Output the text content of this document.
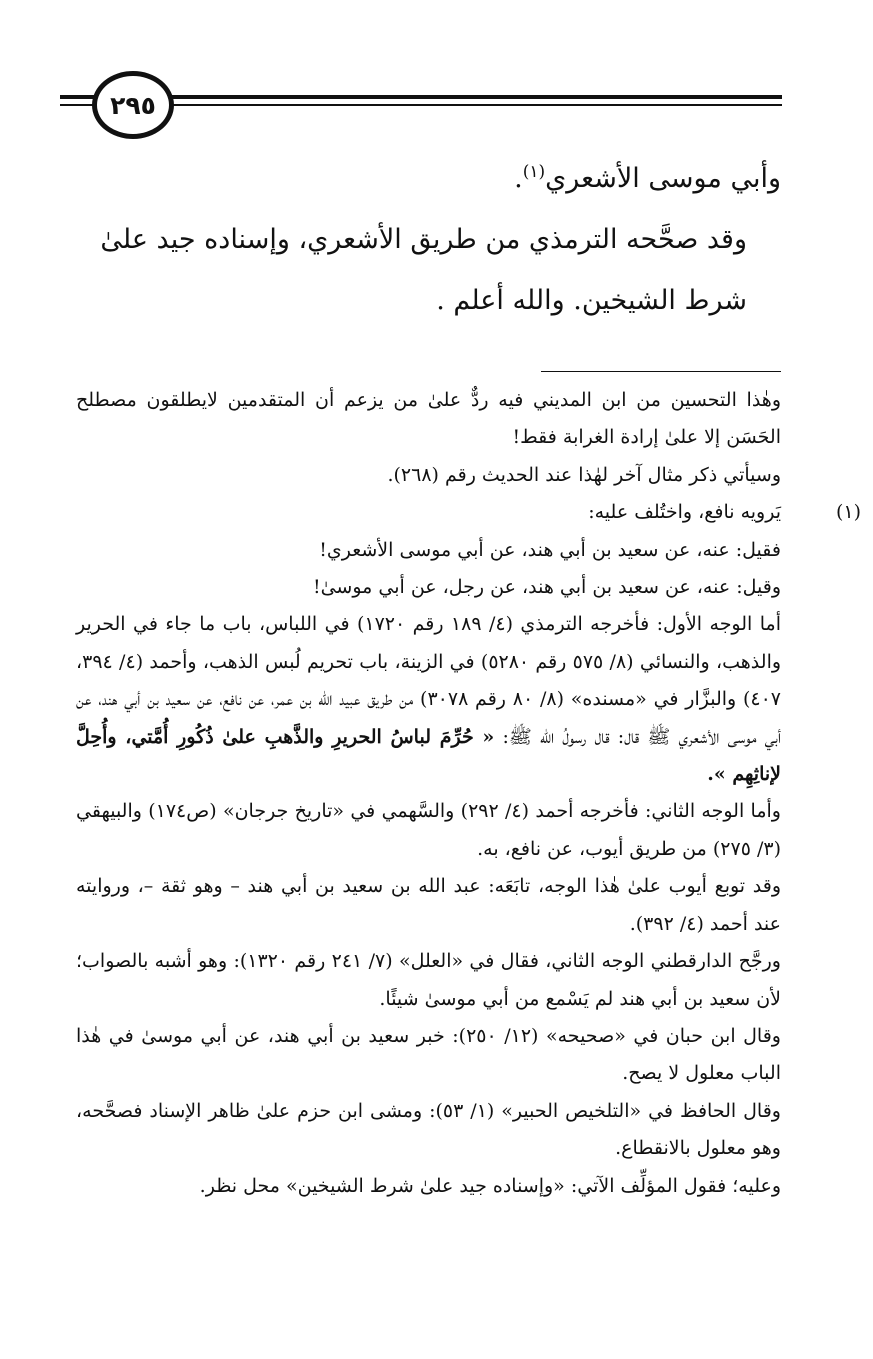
٢٩٥

وأبي موسى الأشعري$^{(١)}$.

وقد صحَّحه الترمذي من طريق الأشعري، وإسناده جيد علىٰ شرط الشيخين. والله أعلم .

وهٰذا التحسين من ابن المديني فيه ردٌّ علىٰ من يزعم أن المتقدمين لايطلقون مصطلح الحَسَن إلا علىٰ إرادة الغرابة فقط!

وسيأتي ذكر مثال آخر لهٰذا عند الحديث رقم (٢٦٨).

(١)
يَرويه نافع، واختُلف عليه:

فقيل: عنه، عن سعيد بن أبي هند، عن أبي موسى الأشعري!

وقيل: عنه، عن سعيد بن أبي هند، عن رجل، عن أبي موسىٰ!

أما الوجه الأول: فأخرجه الترمذي (٤/ ١٨٩ رقم ١٧٢٠) في اللباس، باب ما جاء في الحرير والذهب، والنسائي (٨/ ٥٧٥ رقم ٥٢٨٠) في الزينة، باب تحريم لُبس الذهب، وأحمد (٤/ ٣٩٤، ٤٠٧) والبزَّار في «مسنده» (٨/ ٨٠ رقم ٣٠٧٨) من طريق عبيد الله بن عمر، عن نافع، عن سعيد بن أبي هند، عن أبي موسى الأشعري ﷺ قال: قال رسولُ الله ﷺ: « حُرِّمَ لباسُ الحريرِ والذَّهبِ علىٰ ذُكُورِ أُمَّتي، وأُحِلَّ لإناثِهِم ».

وأما الوجه الثاني: فأخرجه أحمد (٤/ ٢٩٢) والسَّهمي في «تاريخ جرجان» (ص١٧٤) والبيهقي (٣/ ٢٧٥) من طريق أيوب، عن نافع، به.

وقد توبع أيوب علىٰ هٰذا الوجه، تابَعَه: عبد الله بن سعيد بن أبي هند – وهو ثقة –، وروايته عند أحمد (٤/ ٣٩٢).

ورجَّح الدارقطني الوجه الثاني، فقال في «العلل» (٧/ ٢٤١ رقم ١٣٢٠): وهو أشبه بالصواب؛ لأن سعيد بن أبي هند لم يَسْمع من أبي موسىٰ شيئًا.

وقال ابن حبان في «صحيحه» (١٢/ ٢٥٠): خبر سعيد بن أبي هند، عن أبي موسىٰ في هٰذا الباب معلول لا يصح.

وقال الحافظ في «التلخيص الحبير» (١/ ٥٣): ومشى ابن حزم علىٰ ظاهر الإسناد فصحَّحه، وهو معلول بالانقطاع.

وعليه؛ فقول المؤلِّف الآتي: «وإسناده جيد علىٰ شرط الشيخين» محل نظر.
